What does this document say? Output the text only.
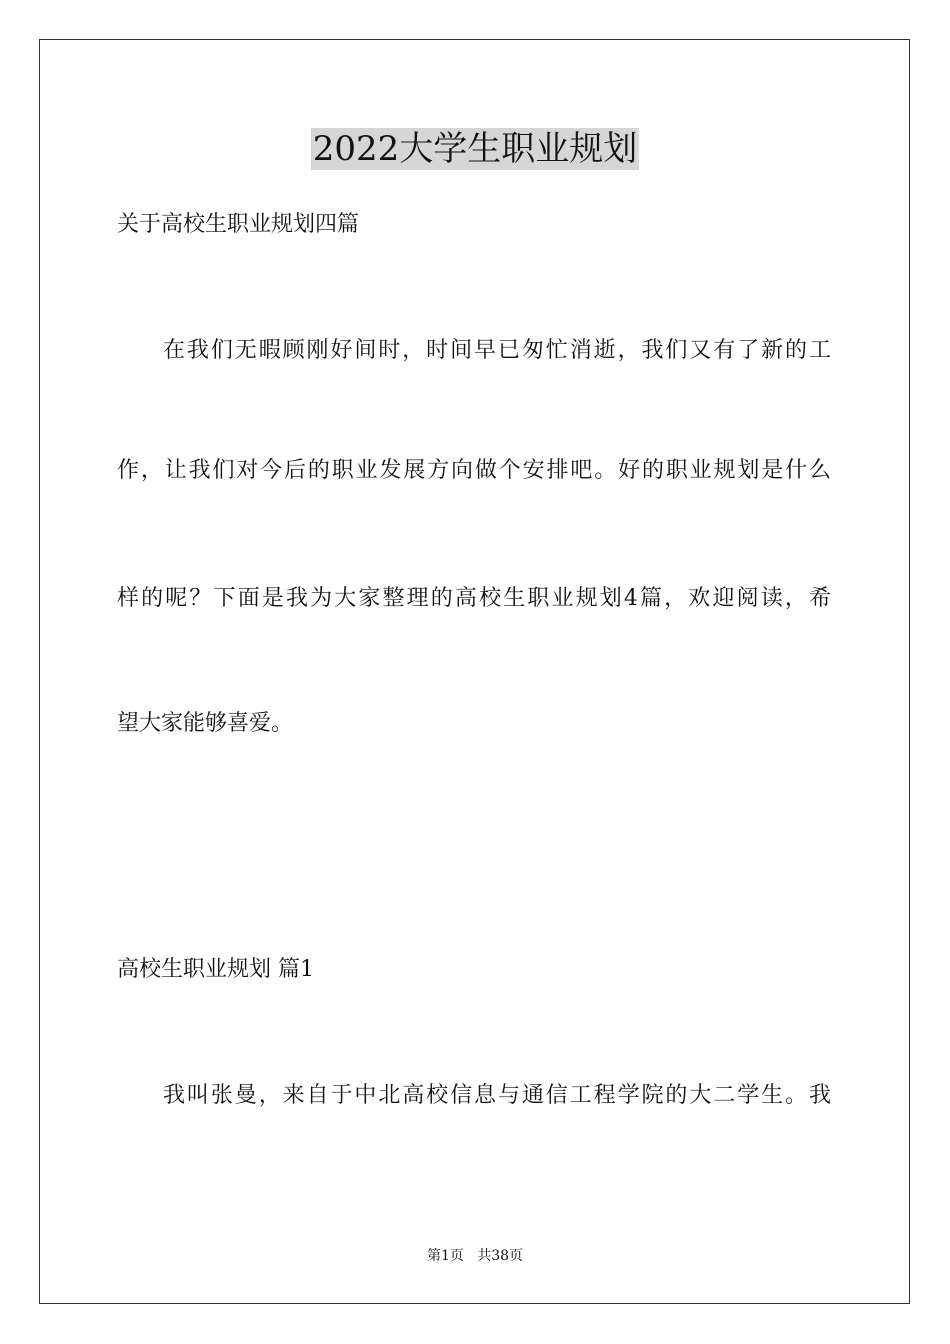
2022大学生职业规划
关于高校生职业规划四篇
在我们无暇顾刚好间时，时间早已匆忙消逝，我们又有了新的工
作，让我们对今后的职业发展方向做个安排吧。好的职业规划是什么
样的呢？下面是我为大家整理的高校生职业规划4篇，欢迎阅读，希
望大家能够喜爱。
高校生职业规划 篇1
我叫张曼，来自于中北高校信息与通信工程学院的大二学生。我
第1页   共38页
